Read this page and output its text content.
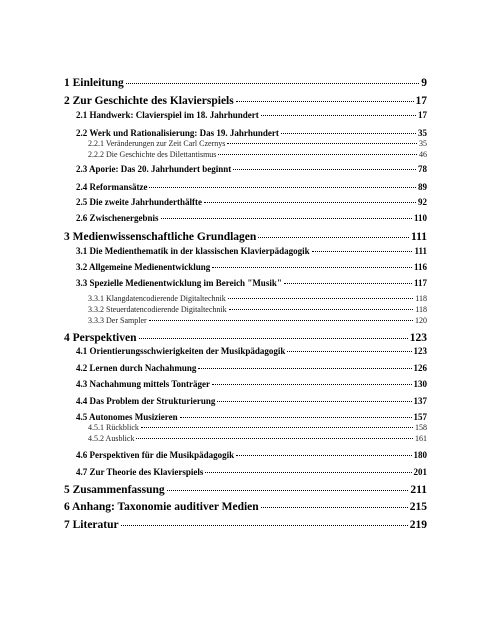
1 Einleitung	9
2 Zur Geschichte des Klavierspiels	17
2.1 Handwerk: Clavierspiel im 18. Jahrhundert	17
2.2 Werk und Rationalisierung: Das 19. Jahrhundert	35
2.2.1 Veränderungen zur Zeit Carl Czernys	35
2.2.2 Die Geschichte des Dilettantismus	46
2.3 Aporie: Das 20. Jahrhundert beginnt	78
2.4 Reformansätze	89
2.5 Die zweite Jahrhunderthälfte	92
2.6 Zwischenergebnis	110
3 Medienwissenschaftliche Grundlagen	111
3.1 Die Medienthematik in der klassischen Klavierpädagogik	111
3.2 Allgemeine Medienentwicklung	116
3.3 Spezielle Medienentwicklung im Bereich "Musik"	117
3.3.1 Klangdatencodierende Digitaltechnik	118
3.3.2 Steuerdatencodierende Digitaltechnik	118
3.3.3 Der Sampler	120
4 Perspektiven	123
4.1 Orientierungsschwierigkeiten der Musikpädagogik	123
4.2 Lernen durch Nachahmung	126
4.3 Nachahmung mittels Tonträger	130
4.4 Das Problem der Strukturierung	137
4.5 Autonomes Musizieren	157
4.5.1 Rückblick	158
4.5.2 Ausblick	161
4.6 Perspektiven für die Musikpädagogik	180
4.7 Zur Theorie des Klavierspiels	201
5 Zusammenfassung	211
6 Anhang: Taxonomie auditiver Medien	215
7 Literatur	219
